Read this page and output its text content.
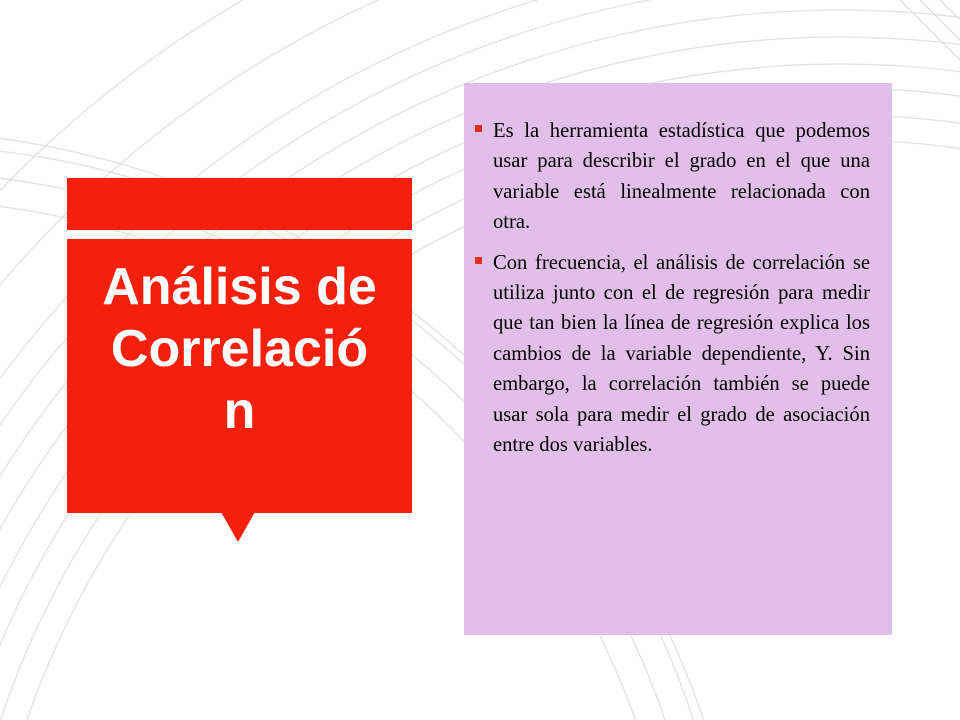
Análisis de Correlación
Es la herramienta estadística que podemos usar para describir el grado en el que una variable está linealmente relacionada con otra.
Con frecuencia, el análisis de correlación se utiliza junto con el de regresión para medir que tan bien la línea de regresión explica los cambios de la variable dependiente, Y. Sin embargo, la correlación también se puede usar sola para medir el grado de asociación entre dos variables.
